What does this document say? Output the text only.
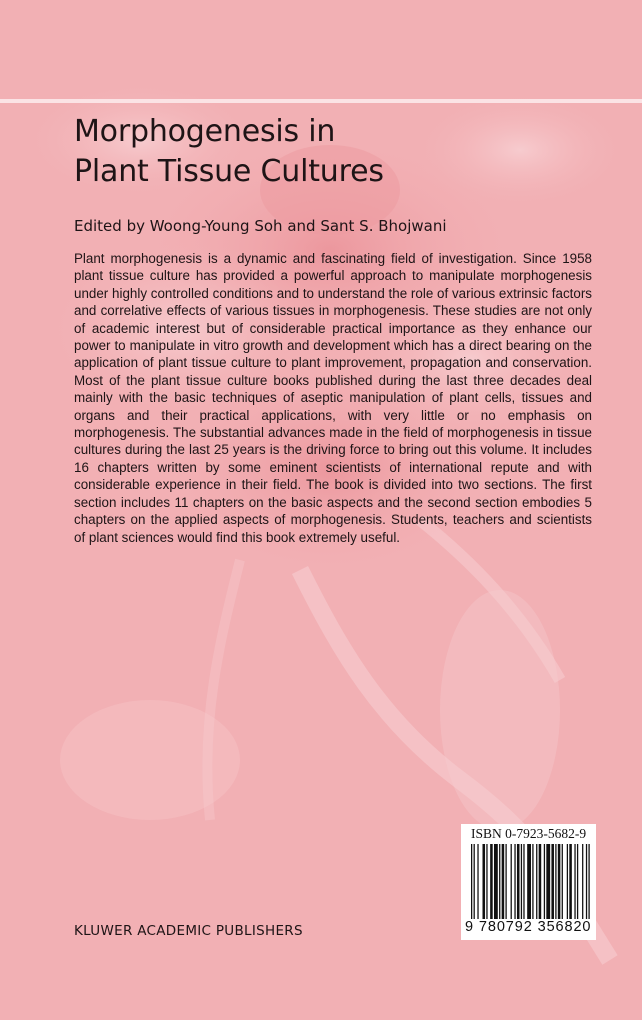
Morphogenesis in
Plant Tissue Cultures

Edited by Woong-Young Soh and Sant S. Bhojwani

Plant morphogenesis is a dynamic and fascinating field of investigation. Since 1958 plant tissue culture has provided a powerful approach to manipulate morphogenesis under highly controlled conditions and to understand the role of various extrinsic factors and correlative effects of various tissues in morphogenesis. These studies are not only of academic interest but of considerable practical importance as they enhance our power to manipulate in vitro growth and development which has a direct bearing on the application of plant tissue culture to plant improvement, propagation and conservation. Most of the plant tissue culture books published during the last three decades deal mainly with the basic techniques of aseptic manipulation of plant cells, tissues and organs and their practical applications, with very little or no emphasis on morphogenesis. The substantial advances made in the field of morphogenesis in tissue cultures during the last 25 years is the driving force to bring out this volume. It includes 16 chapters written by some eminent scientists of international repute and with considerable experience in their field. The book is divided into two sections. The first section includes 11 chapters on the basic aspects and the second section embodies 5 chapters on the applied aspects of morphogenesis. Students, teachers and scientists of plant sciences would find this book extremely useful.

ISBN 0-7923-5682-9

9 780792 356820

KLUWER ACADEMIC PUBLISHERS
